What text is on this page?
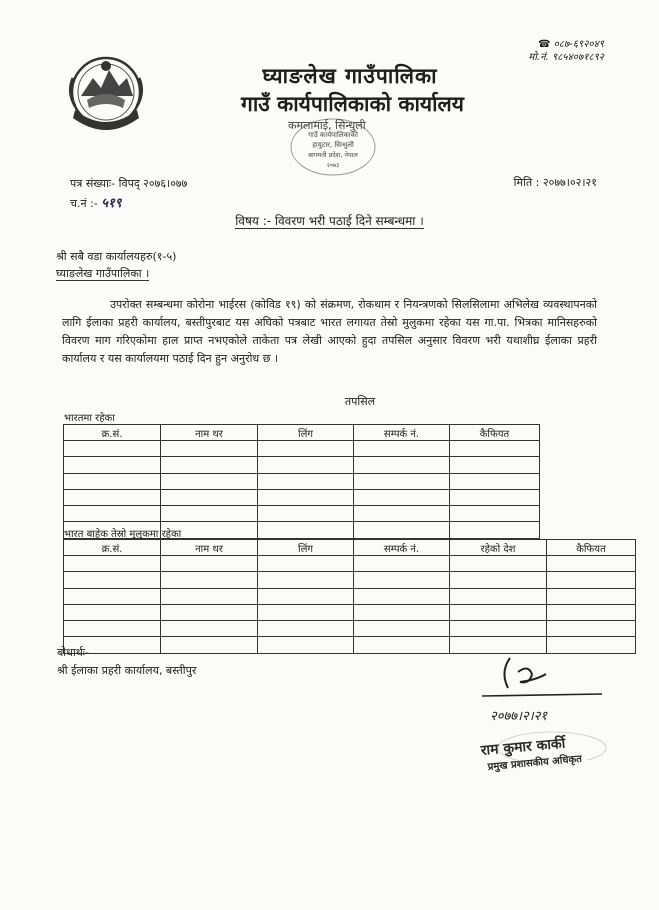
☎ ०८७-६९२०४९
मो.नं. ९८५४०७१८९२
घ्याङलेख गाउँपालिका
गाउँ कार्यपालिकाको कार्यालय
कमलामाई, सिन्धुली
गाउँ कार्यपालिकाको
हायुटार, सिन्धुली
बागमती प्रदेश, नेपाल
२०७३
पत्र संख्याः- विपद् २०७६।०७७
च.नं :- ५१९
मिति : २०७७।०२।२१
विषय :- विवरण भरी पठाई दिने सम्बन्धमा ।
श्री सबै वडा कार्यालयहरु(१-५)
घ्याङलेख गाउँपालिका ।
उपरोक्त सम्बन्धमा कोरोना भाईरस (कोविड १९) को संक्रमण, रोकथाम र नियन्त्रणको सिलसिलामा अभिलेख व्यवस्थापनको लागि ईलाका प्रहरी कार्यालय, बस्तीपुरबाट यस अघिको पत्रबाट भारत लगायत तेस्रो मुलुकमा रहेका यस गा.पा. भित्रका मानिसहरुको विवरण माग गरिएकोमा हाल प्राप्त नभएकोले ताकेता पत्र लेखी आएको हुदा तपसिल अनुसार विवरण भरी यथाशीघ्र ईलाका प्रहरी कार्यालय र यस कार्यालयमा पठाई दिन हुन अनुरोध छ ।
तपसिल
भारतमा रहेका
क्र.सं.	नाम थर	लिंग	सम्पर्क नं.	कैफियत

भारत बाहेक तेस्रो मुलुकमा रहेका
क्र.सं.	नाम थर	लिंग	सम्पर्क नं.	रहेको देश	कैफियत

बोधार्थः-
श्री ईलाका प्रहरी कार्यालय, बस्तीपुर
२०७७।२।२१
राम कुमार कार्की
प्रमुख प्रशासकीय अधिकृत
